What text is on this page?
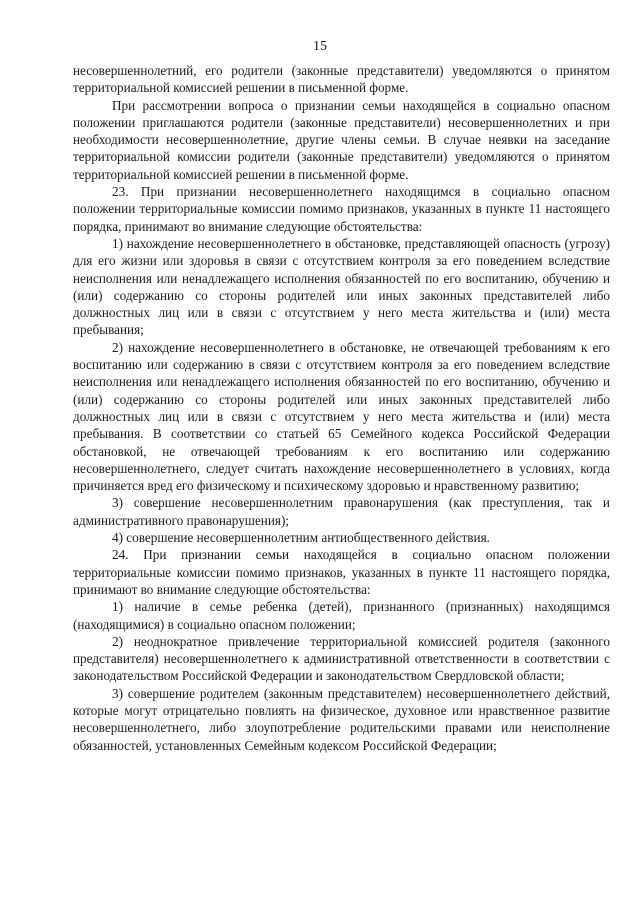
15

несовершеннолетний, его родители (законные представители) уведомляются о принятом территориальной комиссией решении в письменной форме.

При рассмотрении вопроса о признании семьи находящейся в социально опасном положении приглашаются родители (законные представители) несовершеннолетних и при необходимости несовершеннолетние, другие члены семьи. В случае неявки на заседание территориальной комиссии родители (законные представители) уведомляются о принятом территориальной комиссией решении в письменной форме.

23. При признании несовершеннолетнего находящимся в социально опасном положении территориальные комиссии помимо признаков, указанных в пункте 11 настоящего порядка, принимают во внимание следующие обстоятельства:

1) нахождение несовершеннолетнего в обстановке, представляющей опасность (угрозу) для его жизни или здоровья в связи с отсутствием контроля за его поведением вследствие неисполнения или ненадлежащего исполнения обязанностей по его воспитанию, обучению и (или) содержанию со стороны родителей или иных законных представителей либо должностных лиц или в связи с отсутствием у него места жительства и (или) места пребывания;

2) нахождение несовершеннолетнего в обстановке, не отвечающей требованиям к его воспитанию или содержанию в связи с отсутствием контроля за его поведением вследствие неисполнения или ненадлежащего исполнения обязанностей по его воспитанию, обучению и (или) содержанию со стороны родителей или иных законных представителей либо должностных лиц или в связи с отсутствием у него места жительства и (или) места пребывания. В соответствии со статьей 65 Семейного кодекса Российской Федерации обстановкой, не отвечающей требованиям к его воспитанию или содержанию несовершеннолетнего, следует считать нахождение несовершеннолетнего в условиях, когда причиняется вред его физическому и психическому здоровью и нравственному развитию;

3) совершение несовершеннолетним правонарушения (как преступления, так и административного правонарушения);

4) совершение несовершеннолетним антиобщественного действия.

24. При признании семьи находящейся в социально опасном положении территориальные комиссии помимо признаков, указанных в пункте 11 настоящего порядка, принимают во внимание следующие обстоятельства:

1) наличие в семье ребенка (детей), признанного (признанных) находящимся (находящимися) в социально опасном положении;

2) неоднократное привлечение территориальной комиссией родителя (законного представителя) несовершеннолетнего к административной ответственности в соответствии с законодательством Российской Федерации и законодательством Свердловской области;

3) совершение родителем (законным представителем) несовершеннолетнего действий, которые могут отрицательно повлиять на физическое, духовное или нравственное развитие несовершеннолетнего, либо злоупотребление родительскими правами или неисполнение обязанностей, установленных Семейным кодексом Российской Федерации;
